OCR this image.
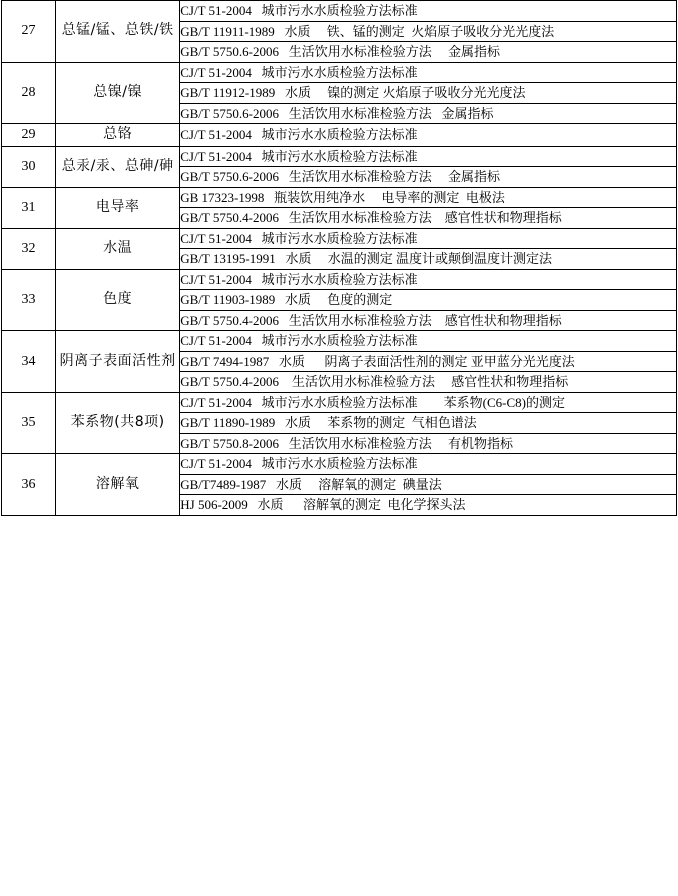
27	总锰/锰、总铁/铁	CJ/T 51-2004   城市污水水质检验方法标准
		GB/T 11911-1989   水质     铁、锰的测定  火焰原子吸收分光光度法
		GB/T 5750.6-2006   生活饮用水标准检验方法     金属指标
28	总镍/镍	CJ/T 51-2004   城市污水水质检验方法标准
		GB/T 11912-1989   水质     镍的测定 火焰原子吸收分光光度法
		GB/T 5750.6-2006   生活饮用水标准检验方法   金属指标
29	总铬	CJ/T 51-2004   城市污水水质检验方法标准
30	总汞/汞、总砷/砷	CJ/T 51-2004   城市污水水质检验方法标准
		GB/T 5750.6-2006   生活饮用水标准检验方法     金属指标
31	电导率	GB 17323-1998   瓶装饮用纯净水     电导率的测定  电极法
		GB/T 5750.4-2006   生活饮用水标准检验方法    感官性状和物理指标
32	水温	CJ/T 51-2004   城市污水水质检验方法标准
		GB/T 13195-1991   水质     水温的测定 温度计或颠倒温度计测定法
33	色度	CJ/T 51-2004   城市污水水质检验方法标准
		GB/T 11903-1989   水质     色度的测定
		GB/T 5750.4-2006   生活饮用水标准检验方法    感官性状和物理指标
34	阴离子表面活性剂	CJ/T 51-2004   城市污水水质检验方法标准
		GB/T 7494-1987   水质      阴离子表面活性剂的测定 亚甲蓝分光光度法
		GB/T 5750.4-2006    生活饮用水标准检验方法     感官性状和物理指标
35	苯系物(共8项)	CJ/T 51-2004   城市污水水质检验方法标准        苯系物(C6-C8)的测定
		GB/T 11890-1989   水质     苯系物的测定  气相色谱法
		GB/T 5750.8-2006   生活饮用水标准检验方法     有机物指标
36	溶解氧	CJ/T 51-2004   城市污水水质检验方法标准
		GB/T7489-1987   水质     溶解氧的测定  碘量法
		HJ 506-2009   水质      溶解氧的测定  电化学探头法
